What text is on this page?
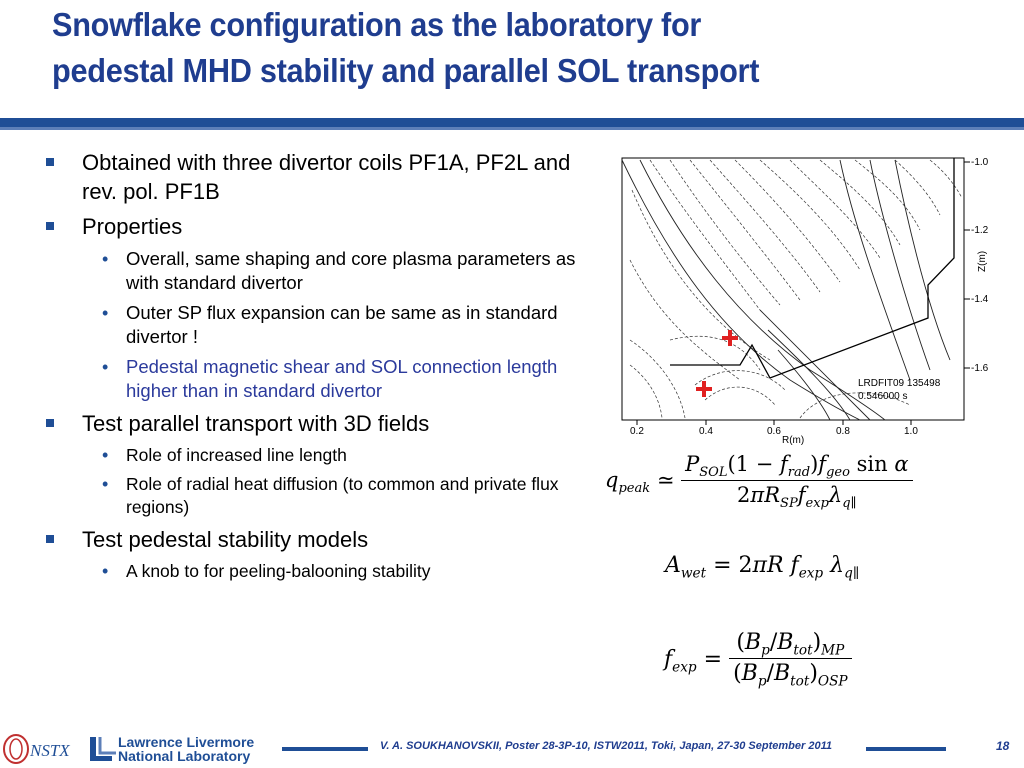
Snowflake configuration as the laboratory for
pedestal MHD stability and parallel SOL transport
Obtained with three divertor coils PF1A, PF2L and rev. pol. PF1B
Properties
• Overall, same shaping and core plasma parameters as with standard divertor
• Outer SP flux expansion can be same as in standard divertor !
• Pedestal magnetic shear and SOL connection length higher than in standard divertor
Test parallel transport with 3D fields
• Role of increased line length
• Role of radial heat diffusion (to common and private flux regions)
Test pedestal stability models
• A knob to for peeling-balooning stability
-1.0
-1.2
-1.4
-1.6
Z(m)
0.2	0.4	0.6	0.8	1.0
R(m)
LRDFIT09 135498
0.546000 s
$q_{peak}$ ≃ $\frac{P_{SOL}(1 - f_{rad})f_{geo} \sin \alpha}{2\pi R_{SP}f_{exp}\lambda_{q\parallel}}$
$A_{wet} = 2\pi R$ $f_{exp}$ $\lambda_{q\parallel}$
$f_{exp} = \frac{(B_p/B_{tot})_{MP}}{(B_p/B_{tot})_{OSP}}$
NSTX	Lawrence Livermore
National Laboratory
V. A. SOUKHANOVSKII, Poster 28-3P-10, ISTW2011, Toki, Japan, 27-30 September 2011	18
